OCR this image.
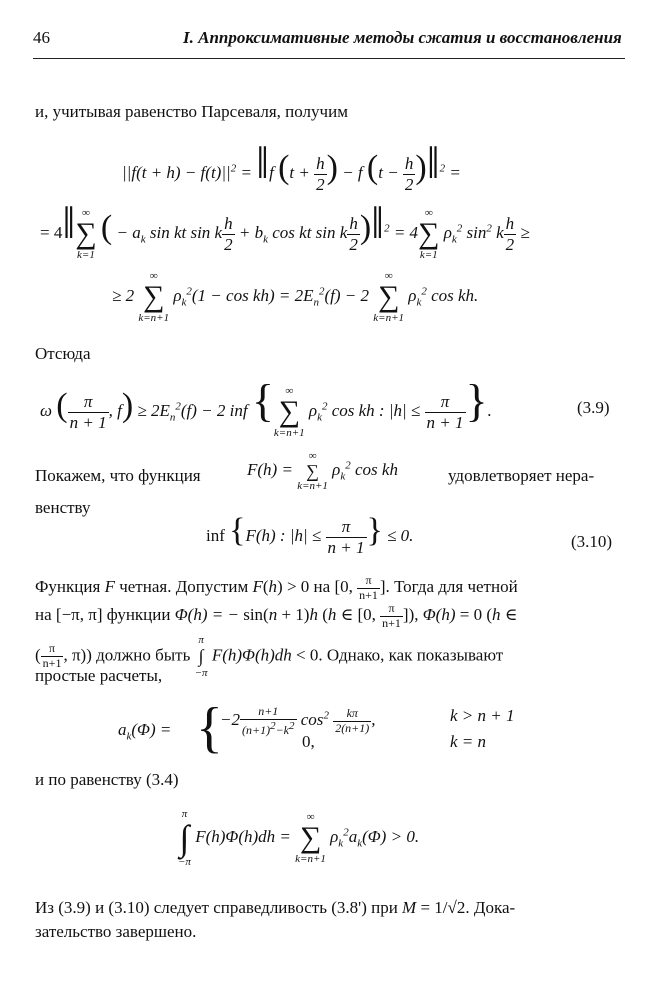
46	I. Аппроксимативные методы сжатия и восстановления
и, учитывая равенство Парсеваля, получим
$||f(t + h) - f(t)||^2$ = ‖f ($t + \frac{h}{2}$ ) − f ($t - \frac{h}{2}$ )‖$^2$ =
= 4‖ ∞
∑
k=1
( − $a_k$ sin kt sin k $\frac{h}{2} + b_k$ cos kt sin k $\frac{h}{2}$ )‖$^2$ = 4
∞
∑
k=1
$\rho_k^2$ $\sin^2 k \frac{h}{2}$ ≥
≥ 2
∞
∑
k=n+1
$\rho_k^2(1 - \cos kh) = 2E_n^2(f) - 2$
∞
∑
k=n+1
$\rho_k^2$ cos kh.
Отсюда
ω ( $\frac{\pi}{n + 1}$ , $f) \ge 2E_n^2(f) - 2$ inf {	∞
∑
k=n+1
$\rho_k^2$ cos kh : $|h| \le \frac{\pi}{n + 1}$ }.	(3.9)
Покажем, что функция	F(h) =
∞
∑
k=n+1
$\rho_k^2$ cos kh	удовлетворяет нера-
венству
inf {F(h) : $|h| \le \frac{\pi}{n + 1}$ } ≤ 0.	(3.10)
Функция F четная. Допустим F(h) > 0 на [0, $\frac{\pi}{n+1}$ ]. Тогда для четной
на [−π, π] функции Φ(h) = − sin(n + 1)h (h ∈ [0, $\frac{\pi}{n+1}$ ]), Φ(h) = 0 (h ∈
( $\frac{\pi}{n+1}$ , π)) должно быть
π
∫
−π
F(h)Φ(h)dh < 0. Однако, как показывают
простые расчеты,
$a_k(\Phi)$ = {
$-2 \frac{n+1}{(n+1)^2-k^2} \cos^2 \frac{k\pi}{2(n+1)}$ ,	k > n + 1
0,	k = n
и по равенству (3.4)
π
∫
−π
F(h)Φ(h)dh =
∞
∑
k=n+1
$\rho_k^2a_k(\Phi) > 0$.
Из (3.9) и (3.10) следует справедливость (3.8') при M = 1/√2. Дока-
зательство завершено.
